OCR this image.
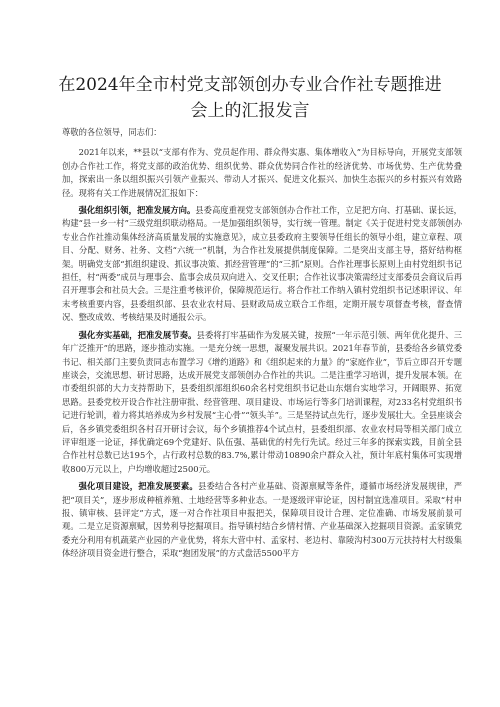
在2024年全市村党支部领创办专业合作社专题推进
会上的汇报发言

尊敬的各位领导，同志们：

2021年以来，**县以“支部有作为、党员起作用、群众得实惠、集体增收入”为目标导向，开展党支部领创办合作社工作，将党支部的政治优势、组织优势、群众优势同合作社的经济优势、市场优势、生产优势叠加，探索出一条以组织振兴引领产业振兴、带动人才振兴、促进文化振兴、加快生态振兴的乡村振兴有效路径。现将有关工作进展情况汇报如下：

强化组织引领，把准发展方向。县委高度重视党支部领创办合作社工作，立足把方向、打基础、谋长远，构建“县一乡一村”三级党组织联动格局。一是加强组织领导，实行统一管理。制定《关于促进村党支部领创办专业合作社推动集体经济高质量发展的实施意见》，成立县委政府主要领导任组长的领导小组，建立章程、项目、分配、财务、社务、文档“六统一”机制，为合作社发展提供制度保障。二是突出支部主导，搭好结构框架。明确党支部“抓组织建设、抓议事决策、抓经营管理”的“三抓”原则。合作社理事长原则上由村党组织书记担任，村“两委”成员与理事会、监事会成员双向进入、交叉任职；合作社议事决策需经过支部委员会商议后再召开理事会和社员大会。三是注重考核评价，保障规范运行。将合作社工作纳入镇村党组织书记述职评议、年末考核重要内容，县委组织部、县农业农村局、县财政局成立联合工作组，定期开展专项督查考核，督查情况、整改成效、考核结果及时通报公示。

强化夯实基础，把准发展节奏。县委将打牢基础作为发展关键，按照“一年示范引领、两年优化提升、三年广泛推开”的思路，逐步推动实施。一是充分统一思想，凝聚发展共识。2021年春节前，县委给各乡镇党委书记、相关部门主要负责同志布置学习《增约道路》和《组织起来的力量》的“家庭作业”，节后立即召开专题座谈会，交流思想、研讨思路，达成开展党支部领创办合作社的共识。二是注重学习培训，提升发展本领。在市委组织部的大力支持帮助下，县委组织部组织60余名村党组织书记赴山东烟台实地学习，开阔眼界、拓宽思路。县委党校开设合作社注册审批、经营管理、项目建设、市场运行等多门培训课程，对233名村党组织书记进行轮训，着力将其培养成为乡村发展“主心骨”“领头羊”。三是坚持试点先行，逐步发展壮大。全县座谈会后，各乡镇党委组织各村召开研讨会议，每个乡镇推荐4个试点村，县委组织部、农业农村局等相关部门成立评审组逐一论证，择优确定69个党建好、队伍强、基础优的村先行先试。经过三年多的探索实践，目前全县合作社村总数已达195个，占行政村总数的83.7%,累计带动10890余户群众入社，预计年底村集体可实现增收800万元以上，户均增收超过2500元。

强化项目建设，把准发展要素。县委结合各村产业基础、资源禀赋等条件，遵循市场经济发展规律，严把“项目关”，逐步形成种植养殖、土地经营等多种业态。一是逐级评审论证，因村制宜选准项目。采取“村申报、镇审核、县评定”方式，逐一对合作社项目申报把关，保障项目设计合理、定位准确、市场发展前景可观。二是立足资源禀赋，因势利导挖掘项目。指导镇村结合乡情村情、产业基础深入挖掘项目资源。孟家镇党委充分利用有机蔬菜产业园的产业优势，将东大营中村、孟家村、老边村、靠陵沟村300万元扶持村大村级集体经济项目资金进行整合，采取“抱团发展”的方式盘活5500平方
